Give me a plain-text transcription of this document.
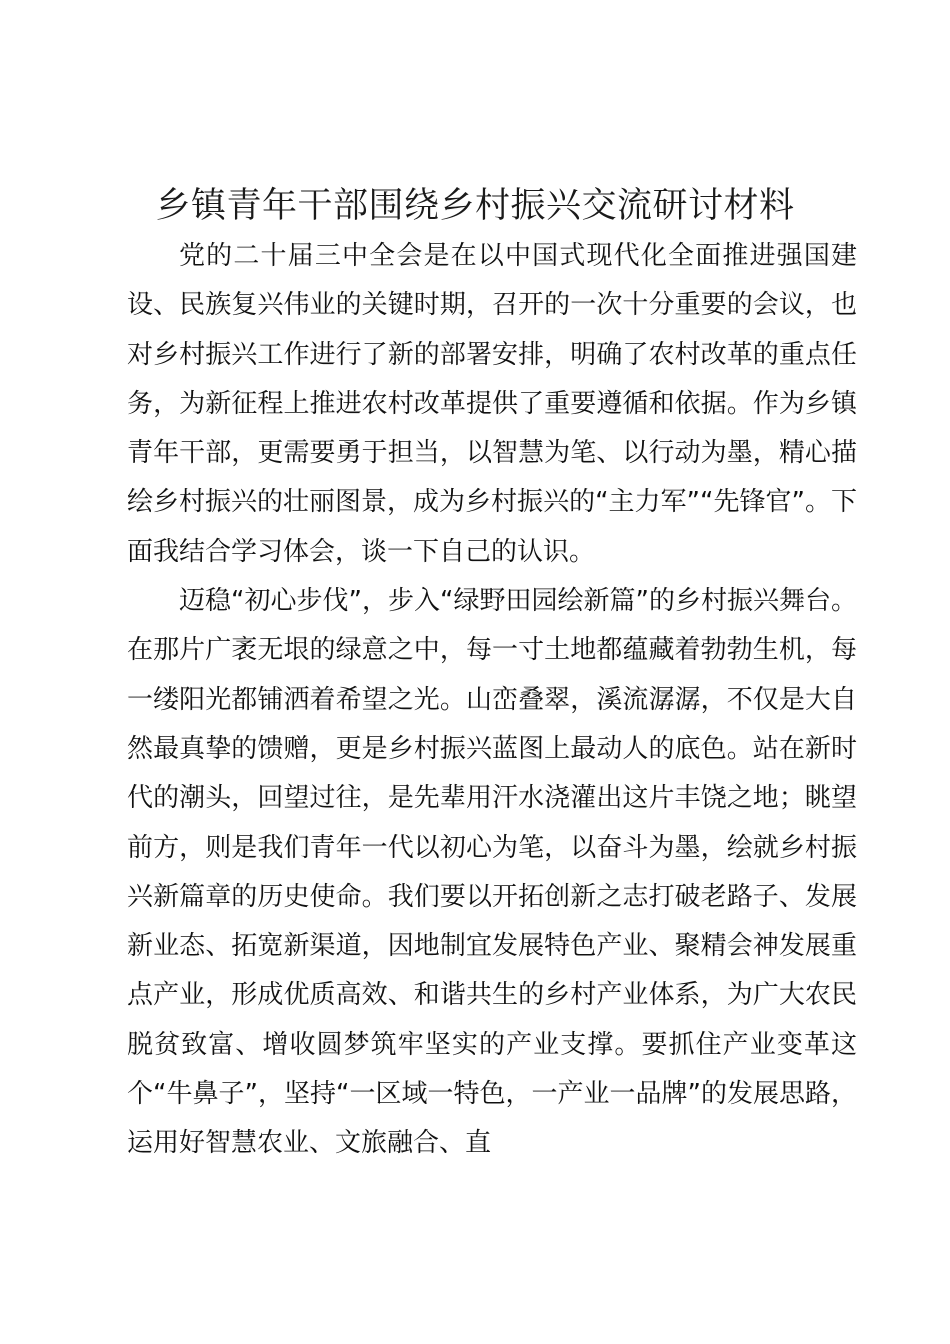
乡镇青年干部围绕乡村振兴交流研讨材料

党的二十届三中全会是在以中国式现代化全面推进强国建设、民族复兴伟业的关键时期，召开的一次十分重要的会议，也对乡村振兴工作进行了新的部署安排，明确了农村改革的重点任务，为新征程上推进农村改革提供了重要遵循和依据。作为乡镇青年干部，更需要勇于担当，以智慧为笔、以行动为墨，精心描绘乡村振兴的壮丽图景，成为乡村振兴的“主力军”“先锋官”。下面我结合学习体会，谈一下自己的认识。

迈稳“初心步伐”，步入“绿野田园绘新篇”的乡村振兴舞台。在那片广袤无垠的绿意之中，每一寸土地都蕴藏着勃勃生机，每一缕阳光都铺洒着希望之光。山峦叠翠，溪流潺潺，不仅是大自然最真挚的馈赠，更是乡村振兴蓝图上最动人的底色。站在新时代的潮头，回望过往，是先辈用汗水浇灌出这片丰饶之地；眺望前方，则是我们青年一代以初心为笔，以奋斗为墨，绘就乡村振兴新篇章的历史使命。我们要以开拓创新之志打破老路子、发展新业态、拓宽新渠道，因地制宜发展特色产业、聚精会神发展重点产业，形成优质高效、和谐共生的乡村产业体系，为广大农民脱贫致富、增收圆梦筑牢坚实的产业支撑。要抓住产业变革这个“牛鼻子”，坚持“一区域一特色，一产业一品牌”的发展思路，运用好智慧农业、文旅融合、直
